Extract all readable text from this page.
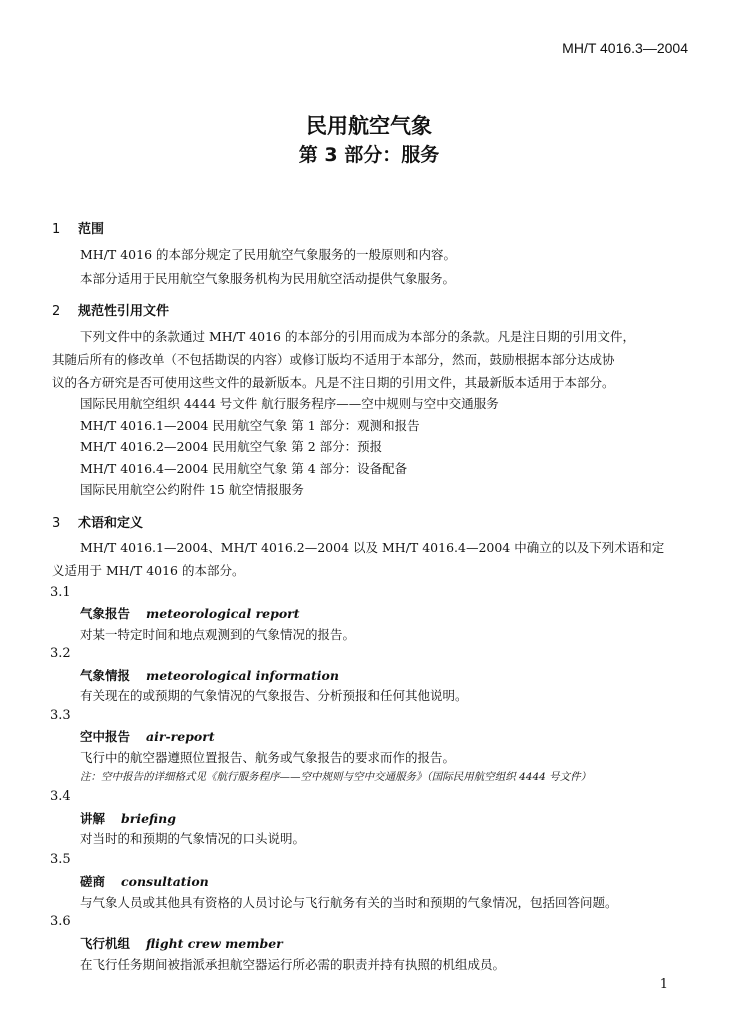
MH/T 4016.3—2004
民用航空气象
第 3 部分：服务
1 范围
MH/T 4016 的本部分规定了民用航空气象服务的一般原则和内容。
本部分适用于民用航空气象服务机构为民用航空活动提供气象服务。
2 规范性引用文件
下列文件中的条款通过 MH/T 4016 的本部分的引用而成为本部分的条款。凡是注日期的引用文件，
其随后所有的修改单（不包括勘误的内容）或修订版均不适用于本部分，然而，鼓励根据本部分达成协
议的各方研究是否可使用这些文件的最新版本。凡是不注日期的引用文件，其最新版本适用于本部分。
国际民用航空组织 4444 号文件 航行服务程序——空中规则与空中交通服务
MH/T 4016.1—2004 民用航空气象 第 1 部分：观测和报告
MH/T 4016.2—2004 民用航空气象 第 2 部分：预报
MH/T 4016.4—2004 民用航空气象 第 4 部分：设备配备
国际民用航空公约附件 15 航空情报服务
3 术语和定义
MH/T 4016.1—2004、MH/T 4016.2—2004 以及 MH/T 4016.4—2004 中确立的以及下列术语和定
义适用于 MH/T 4016 的本部分。
3.1
气象报告 meteorological report
对某一特定时间和地点观测到的气象情况的报告。
3.2
气象情报 meteorological information
有关现在的或预期的气象情况的气象报告、分析预报和任何其他说明。
3.3
空中报告 air-report
飞行中的航空器遵照位置报告、航务或气象报告的要求而作的报告。
注：空中报告的详细格式见《航行服务程序——空中规则与空中交通服务》（国际民用航空组织 4444 号文件）
3.4
讲解 briefing
对当时的和预期的气象情况的口头说明。
3.5
磋商 consultation
与气象人员或其他具有资格的人员讨论与飞行航务有关的当时和预期的气象情况，包括回答问题。
3.6
飞行机组 flight crew member
在飞行任务期间被指派承担航空器运行所必需的职责并持有执照的机组成员。
1
